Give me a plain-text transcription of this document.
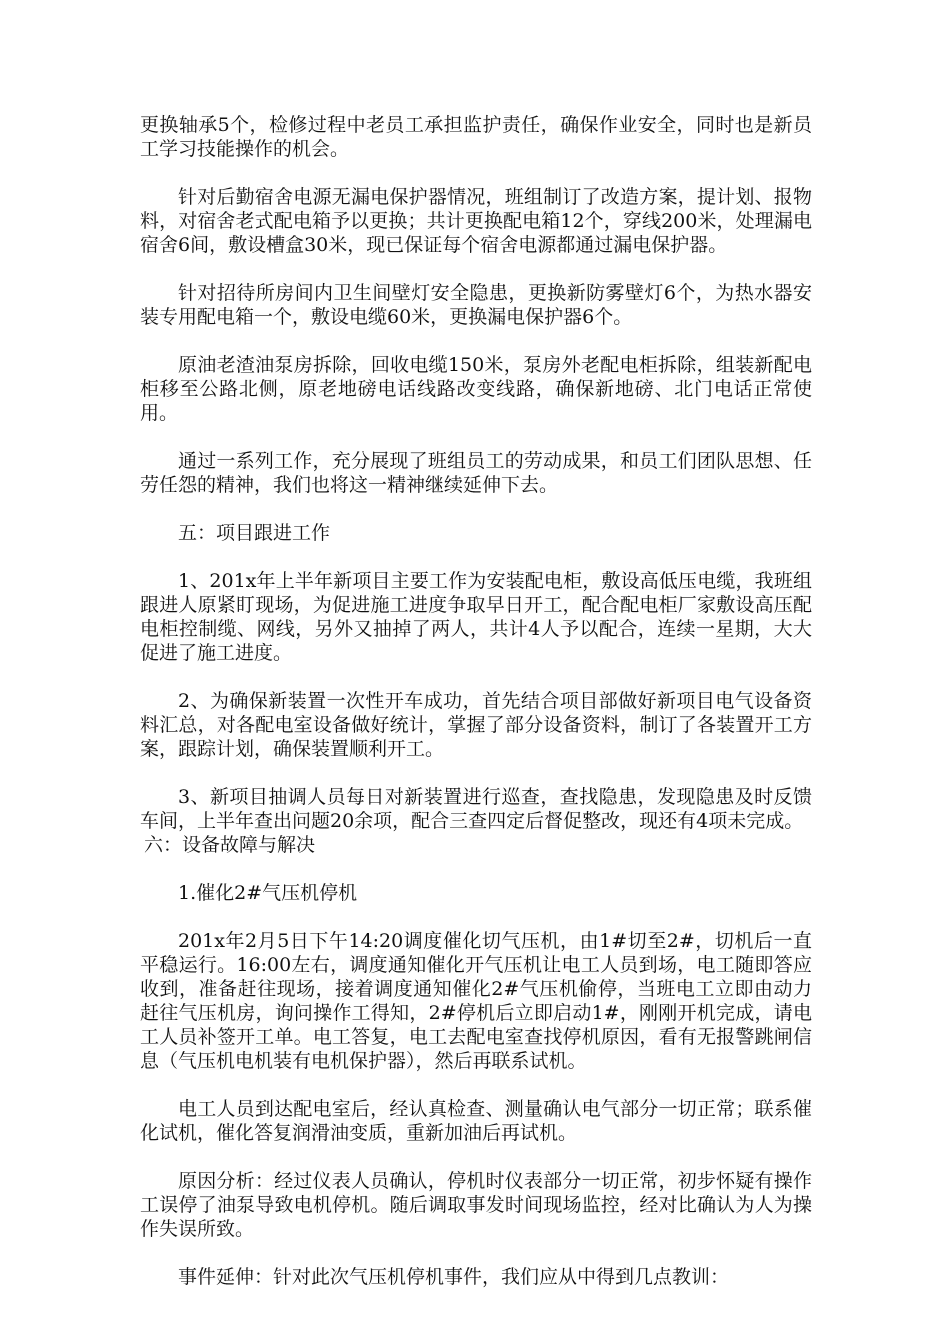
更换轴承5个，检修过程中老员工承担监护责任，确保作业安全，同时也是新员工学习技能操作的机会。

针对后勤宿舍电源无漏电保护器情况，班组制订了改造方案，提计划、报物料，对宿舍老式配电箱予以更换；共计更换配电箱12个，穿线200米，处理漏电宿舍6间，敷设槽盒30米，现已保证每个宿舍电源都通过漏电保护器。

针对招待所房间内卫生间壁灯安全隐患，更换新防雾壁灯6个，为热水器安装专用配电箱一个，敷设电缆60米，更换漏电保护器6个。

原油老渣油泵房拆除，回收电缆150米，泵房外老配电柜拆除，组装新配电柜移至公路北侧，原老地磅电话线路改变线路，确保新地磅、北门电话正常使用。

通过一系列工作，充分展现了班组员工的劳动成果，和员工们团队思想、任劳任怨的精神，我们也将这一精神继续延伸下去。

五：项目跟进工作

1、201x年上半年新项目主要工作为安装配电柜，敷设高低压电缆，我班组跟进人原紧盯现场，为促进施工进度争取早日开工，配合配电柜厂家敷设高压配电柜控制缆、网线，另外又抽掉了两人，共计4人予以配合，连续一星期，大大促进了施工进度。

2、为确保新装置一次性开车成功，首先结合项目部做好新项目电气设备资料汇总，对各配电室设备做好统计，掌握了部分设备资料，制订了各装置开工方案，跟踪计划，确保装置顺利开工。

3、新项目抽调人员每日对新装置进行巡查，查找隐患，发现隐患及时反馈车间，上半年查出问题20余项，配合三查四定后督促整改，现还有4项未完成。

六：设备故障与解决

1.催化2#气压机停机

201x年2月5日下午14:20调度催化切气压机，由1#切至2#，切机后一直平稳运行。16:00左右，调度通知催化开气压机让电工人员到场，电工随即答应收到，准备赶往现场，接着调度通知催化2#气压机偷停，当班电工立即由动力赶往气压机房，询问操作工得知，2#停机后立即启动1#，刚刚开机完成，请电工人员补签开工单。电工答复，电工去配电室查找停机原因，看有无报警跳闸信息（气压机电机装有电机保护器），然后再联系试机。

电工人员到达配电室后，经认真检查、测量确认电气部分一切正常；联系催化试机，催化答复润滑油变质，重新加油后再试机。

原因分析：经过仪表人员确认，停机时仪表部分一切正常，初步怀疑有操作工误停了油泵导致电机停机。随后调取事发时间现场监控，经对比确认为人为操作失误所致。

事件延伸：针对此次气压机停机事件，我们应从中得到几点教训：
